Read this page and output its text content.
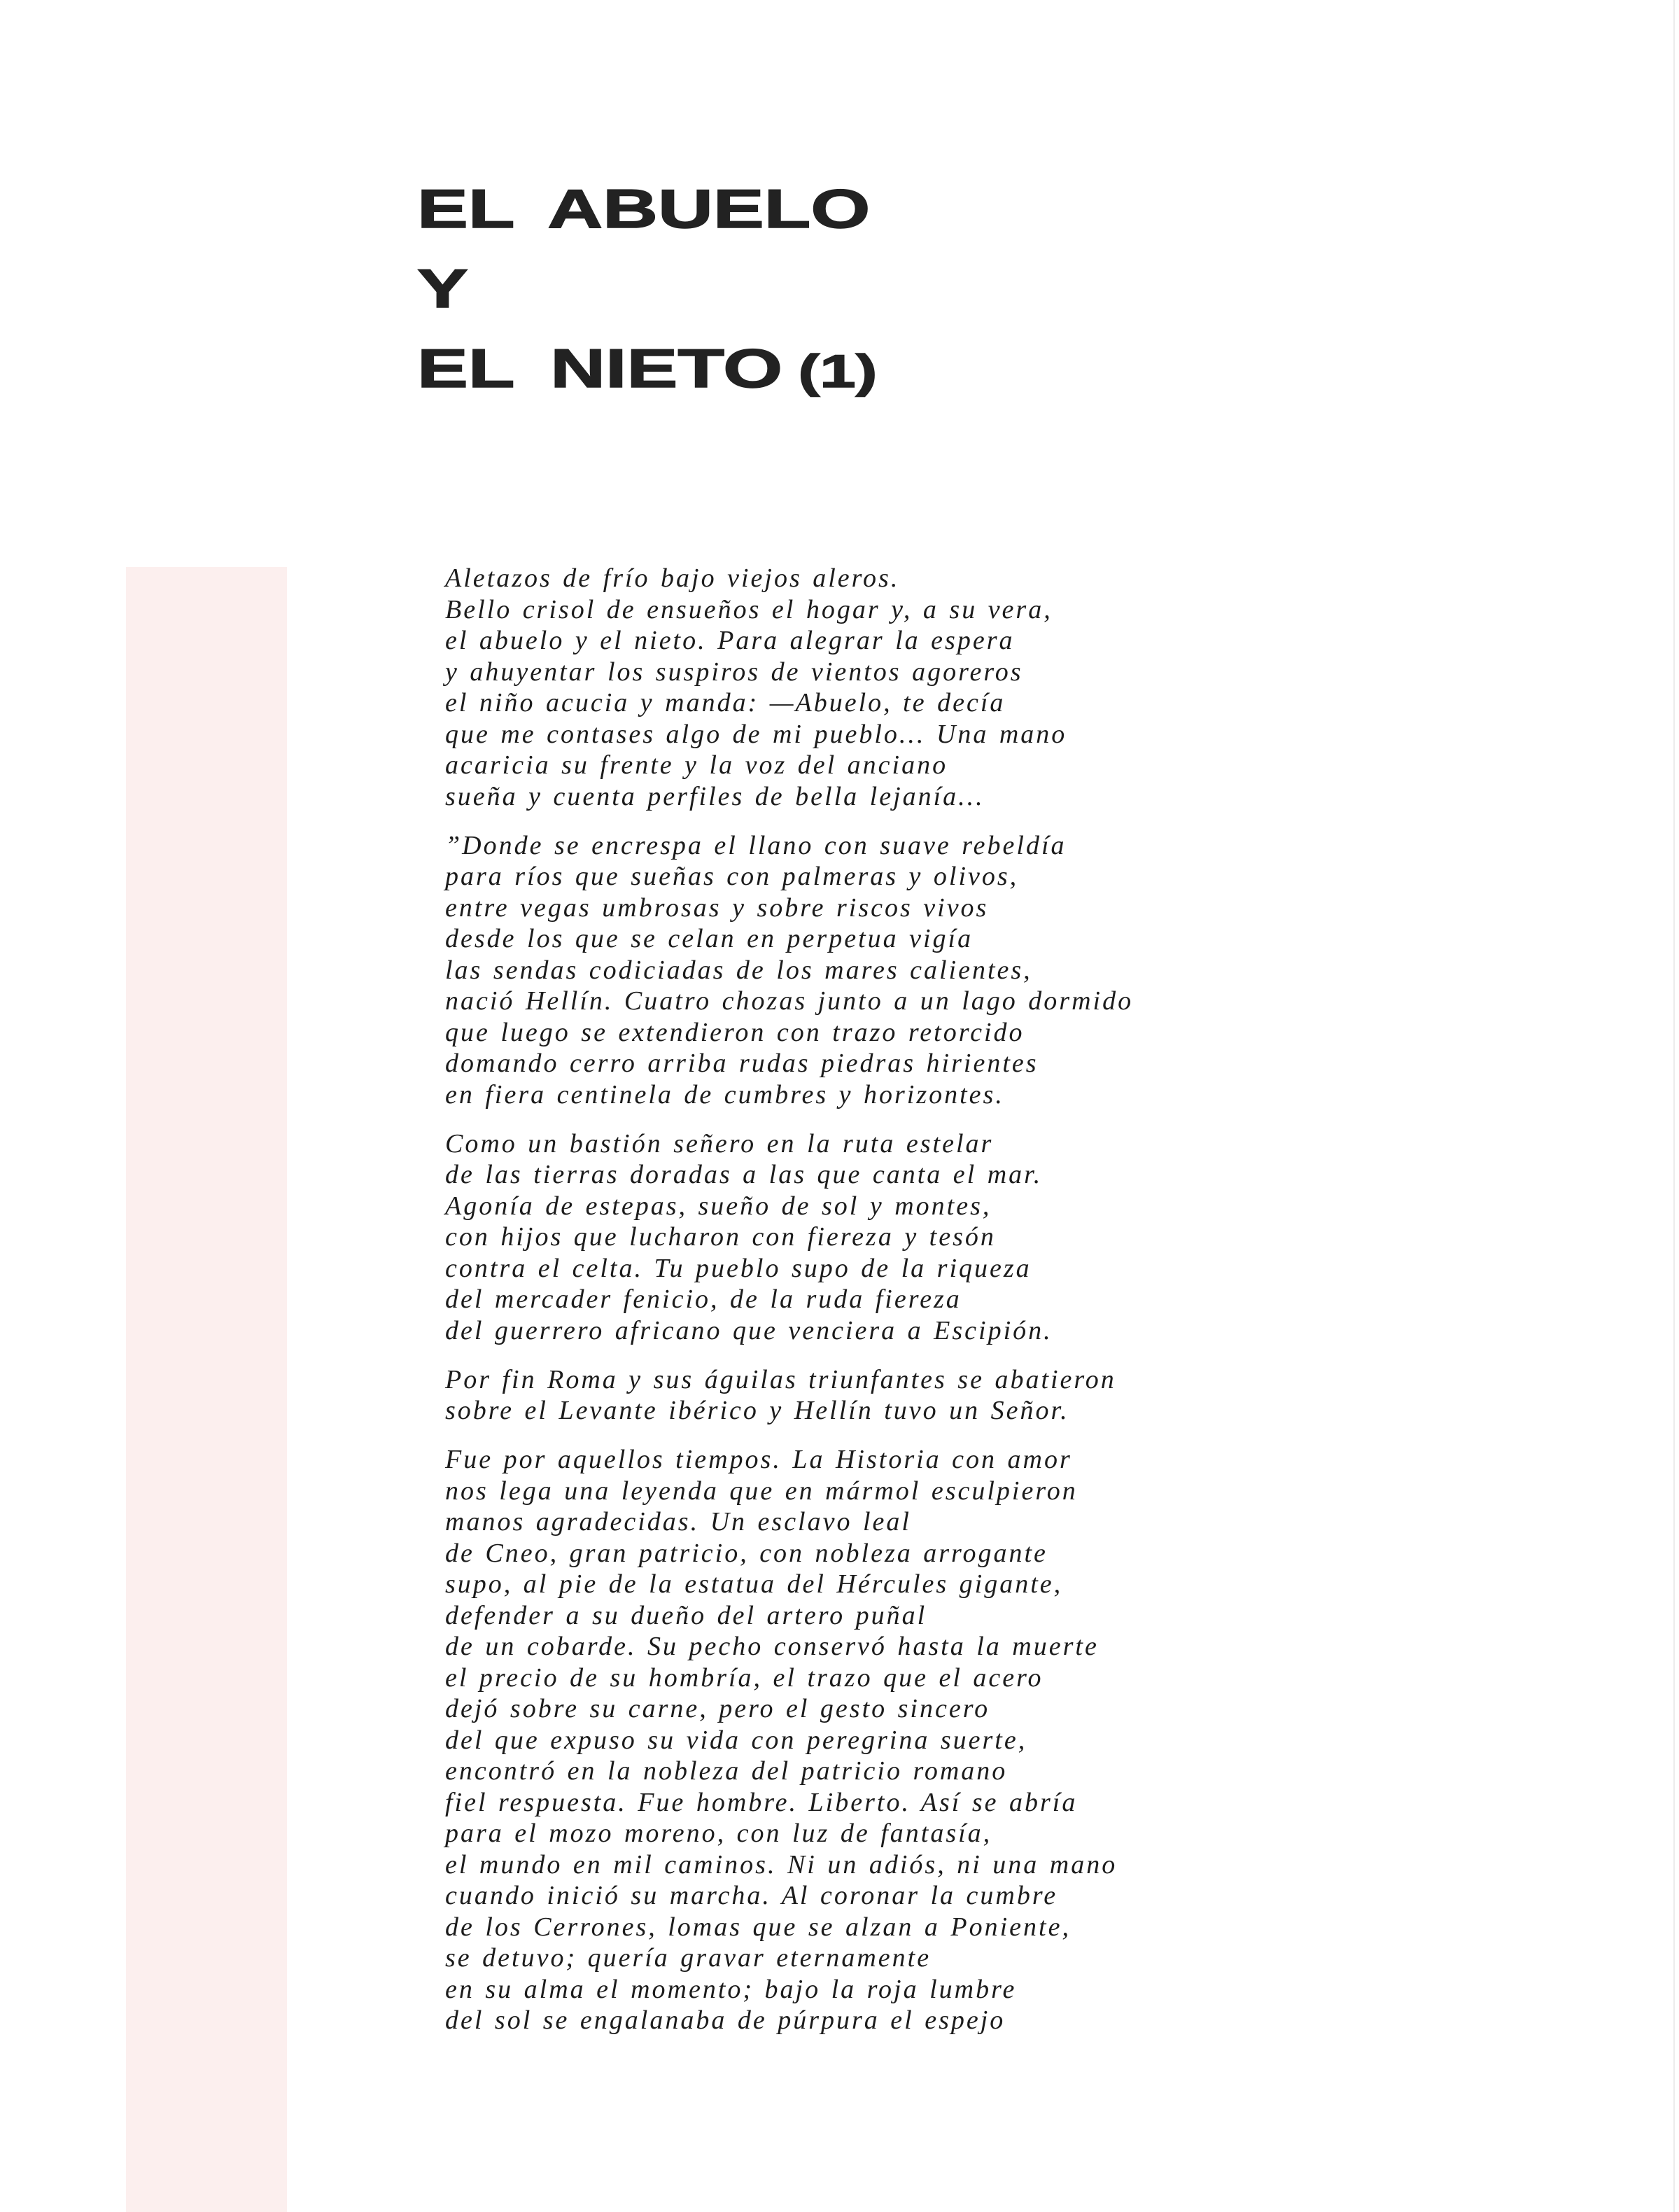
EL ABUELO
Y
EL NIETO (1)
Aletazos de frío bajo viejos aleros.
Bello crisol de ensueños el hogar y, a su vera,
el abuelo y el nieto. Para alegrar la espera
y ahuyentar los suspiros de vientos agoreros
el niño acucia y manda: —Abuelo, te decía
que me contases algo de mi pueblo... Una mano
acaricia su frente y la voz del anciano
sueña y cuenta perfiles de bella lejanía...
”Donde se encrespa el llano con suave rebeldía
para ríos que sueñas con palmeras y olivos,
entre vegas umbrosas y sobre riscos vivos
desde los que se celan en perpetua vigía
las sendas codiciadas de los mares calientes,
nació Hellín. Cuatro chozas junto a un lago dormido
que luego se extendieron con trazo retorcido
domando cerro arriba rudas piedras hirientes
en fiera centinela de cumbres y horizontes.
Como un bastión señero en la ruta estelar
de las tierras doradas a las que canta el mar.
Agonía de estepas, sueño de sol y montes,
con hijos que lucharon con fiereza y tesón
contra el celta. Tu pueblo supo de la riqueza
del mercader fenicio, de la ruda fiereza
del guerrero africano que venciera a Escipión.
Por fin Roma y sus águilas triunfantes se abatieron
sobre el Levante ibérico y Hellín tuvo un Señor.
Fue por aquellos tiempos. La Historia con amor
nos lega una leyenda que en mármol esculpieron
manos agradecidas. Un esclavo leal
de Cneo, gran patricio, con nobleza arrogante
supo, al pie de la estatua del Hércules gigante,
defender a su dueño del artero puñal
de un cobarde. Su pecho conservó hasta la muerte
el precio de su hombría, el trazo que el acero
dejó sobre su carne, pero el gesto sincero
del que expuso su vida con peregrina suerte,
encontró en la nobleza del patricio romano
fiel respuesta. Fue hombre. Liberto. Así se abría
para el mozo moreno, con luz de fantasía,
el mundo en mil caminos. Ni un adiós, ni una mano
cuando inició su marcha. Al coronar la cumbre
de los Cerrones, lomas que se alzan a Poniente,
se detuvo; quería gravar eternamente
en su alma el momento; bajo la roja lumbre
del sol se engalanaba de púrpura el espejo
